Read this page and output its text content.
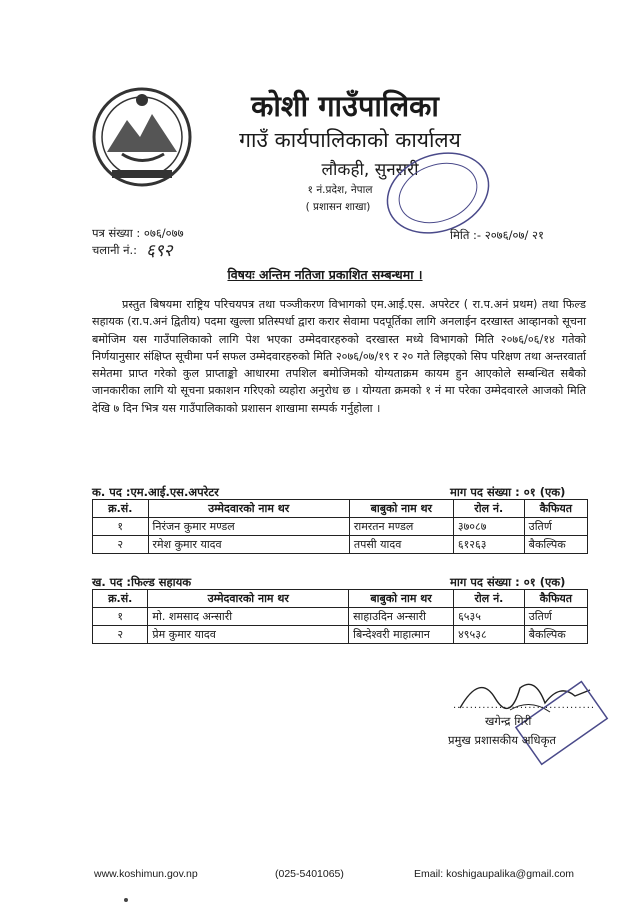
कोशी गाउँपालिका
गाउँ कार्यपालिकाको कार्यालय
लौकही, सुनसरी
१ नं.प्रदेश, नेपाल
( प्रशासन शाखा)
पत्र संख्या : ०७६/०७७
चलानी नं.: ६९२
मिति :- २०७६/०७/ २१
विषयः अन्तिम नतिजा प्रकाशित सम्बन्धमा ।
प्रस्तुत बिषयमा राष्ट्रिय परिचयपत्र तथा पञ्जीकरण विभागको एम.आई.एस. अपरेटर ( रा.प.अनं प्रथम) तथा फिल्ड सहायक (रा.प.अनं द्वितीय) पदमा खुल्ला प्रतिस्पर्धा द्वारा करार सेवामा पदपूर्तिका लागि अनलाईन दरखास्त आव्हानको सूचना बमोजिम यस गाउँपालिकाको लागि पेश भएका उम्मेदवारहरुको दरखास्त मध्ये विभागको मिति २०७६/०६/१४ गतेको निर्णयानुसार संक्षिप्त सूचीमा पर्न सफल उम्मेदवारहरुको मिति २०७६/०७/१९ र २० गते लिइएको सिप परिक्षण तथा अन्तरवार्ता समेतमा प्राप्त गरेको कुल प्राप्ताङ्को आधारमा तपशिल बमोजिमको योग्यताक्रम कायम हुन आएकोले सम्बन्धित सबैको जानकारीका लागि यो सूचना प्रकाशन गरिएको व्यहोरा अनुरोध छ । योग्यता क्रमको १ नं मा परेका उम्मेदवारले आजको मिति देखि ७ दिन भित्र यस गाउँपालिकाको प्रशासन शाखामा सम्पर्क गर्नुहोला ।
क. पद :एम.आई.एस.अपरेटर	माग पद संख्या : ०१ (एक)
क्र.सं.	उम्मेदवारको नाम थर	बाबुको नाम थर	रोल नं.	कैफियत
१	निरंजन कुमार मण्डल	रामरतन मण्डल	३७०८७	उतिर्ण
२	रमेश कुमार यादव	तपसी यादव	६१२६३	बैकल्पिक
ख. पद :फिल्ड सहायक	माग पद संख्या : ०१ (एक)
क्र.सं.	उम्मेदवारको नाम थर	बाबुको नाम थर	रोल नं.	कैफियत
१	मो. शमसाद अन्सारी	साहाउदिन अन्सारी	६५३५	उतिर्ण
२	प्रेम कुमार यादव	बिन्देश्वरी माहात्मान	४९५३८	बैकल्पिक
..................................
खगेन्द्र गिरी
प्रमुख प्रशासकीय अधिकृत
www.koshimun.gov.np	(025-5401065)	Email: koshigaupalika@gmail.com
